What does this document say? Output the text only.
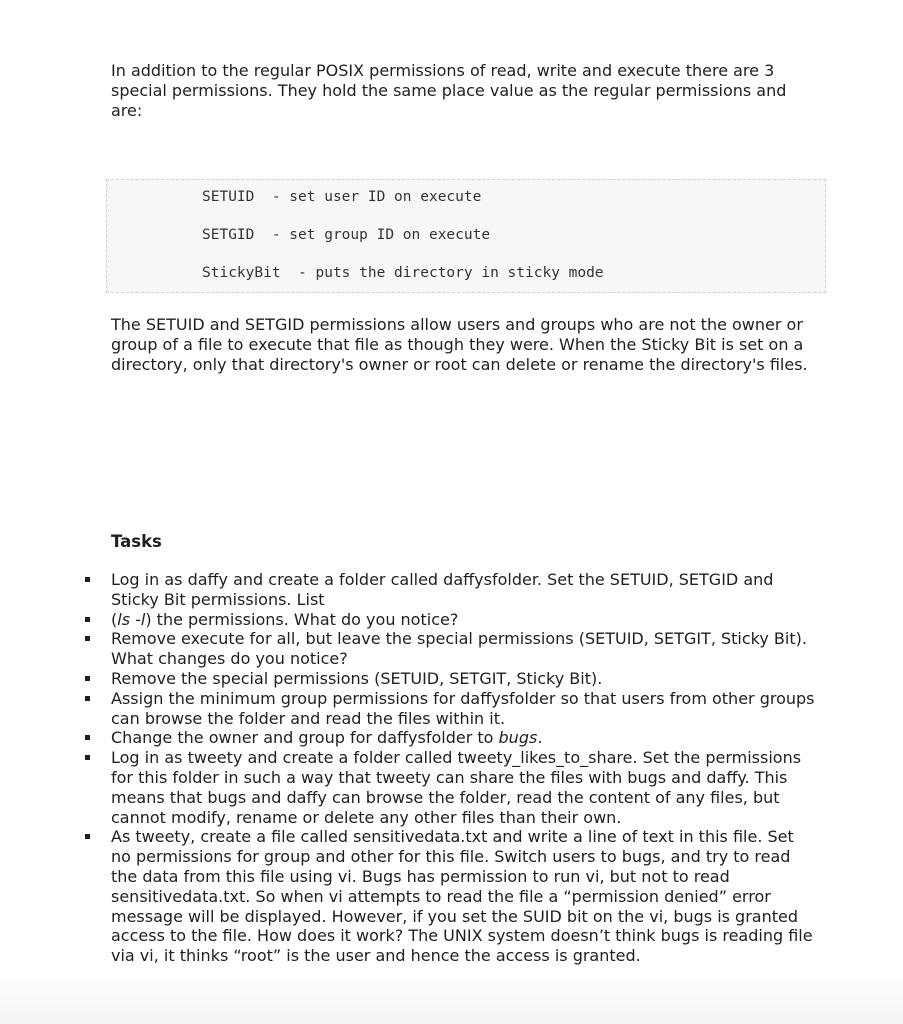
In addition to the regular POSIX permissions of read, write and execute there are 3 special permissions. They hold the same place value as the regular permissions and are:

SETUID  - set user ID on execute
SETGID  - set group ID on execute
StickyBit  - puts the directory in sticky mode

The SETUID and SETGID permissions allow users and groups who are not the owner or group of a file to execute that file as though they were. When the Sticky Bit is set on a directory, only that directory's owner or root can delete or rename the directory's files.

Tasks
Log in as daffy and create a folder called daffysfolder. Set the SETUID, SETGID and Sticky Bit permissions. List
(ls -l) the permissions. What do you notice?
Remove execute for all, but leave the special permissions (SETUID, SETGIT, Sticky Bit). What changes do you notice?
Remove the special permissions (SETUID, SETGIT, Sticky Bit).
Assign the minimum group permissions for daffysfolder so that users from other groups can browse the folder and read the files within it.
Change the owner and group for daffysfolder to bugs.
Log in as tweety and create a folder called tweety_likes_to_share. Set the permissions for this folder in such a way that tweety can share the files with bugs and daffy. This means that bugs and daffy can browse the folder, read the content of any files, but cannot modify, rename or delete any other files than their own.
As tweety, create a file called sensitivedata.txt and write a line of text in this file. Set no permissions for group and other for this file. Switch users to bugs, and try to read the data from this file using vi. Bugs has permission to run vi, but not to read sensitivedata.txt. So when vi attempts to read the file a “permission denied” error message will be displayed. However, if you set the SUID bit on the vi, bugs is granted access to the file. How does it work? The UNIX system doesn’t think bugs is reading file via vi, it thinks “root” is the user and hence the access is granted.
